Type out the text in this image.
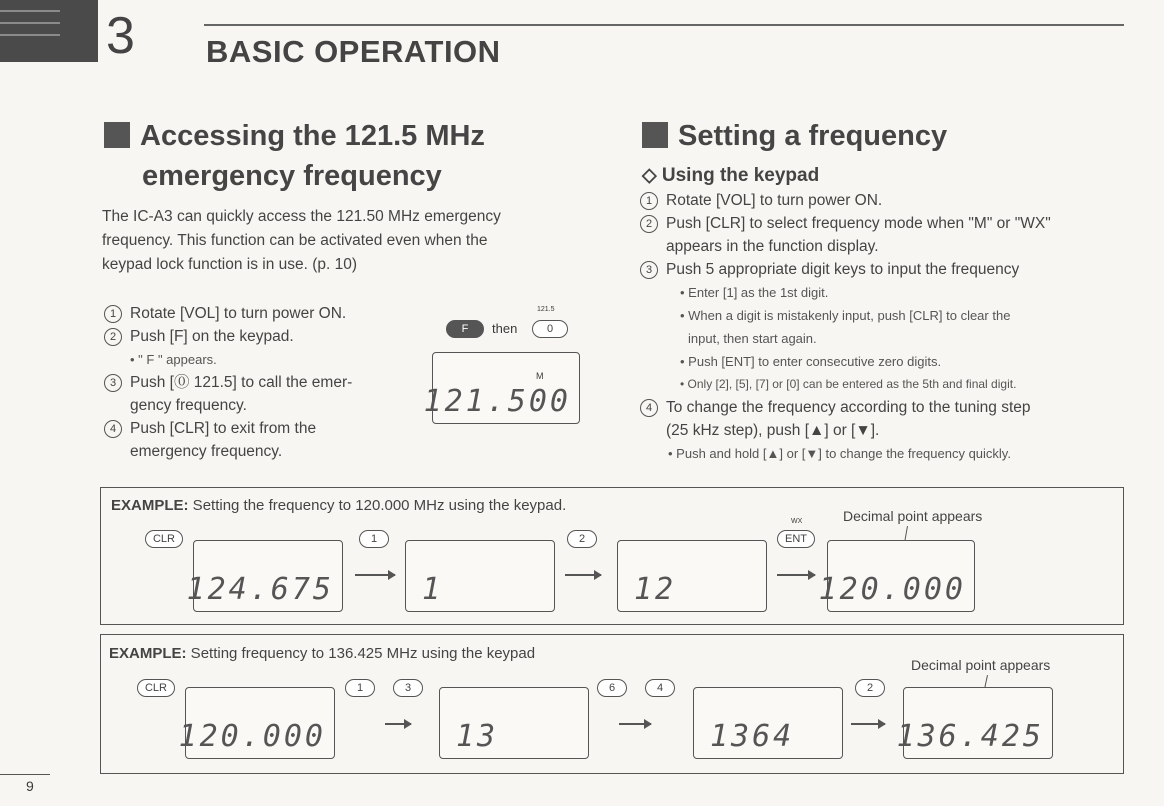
3 BASIC OPERATION
Accessing the 121.5 MHz
emergency frequency
The IC-A3 can quickly access the 121.50 MHz emergency
frequency. This function can be activated even when the
keypad lock function is in use. (p. 10)
1 Rotate [VOL] to turn power ON.
2 Push [F] on the keypad.
• " F " appears.
3 Push [⓪ 121.5] to call the emer-
gency frequency.
4 Push [CLR] to exit from the
emergency frequency.
F	then
121.5
0
M
121.500
Setting a frequency
◇ Using the keypad
1 Rotate [VOL] to turn power ON.
2 Push [CLR] to select frequency mode when "M" or "WX"
appears in the function display.
3 Push 5 appropriate digit keys to input the frequency
• Enter [1] as the 1st digit.
• When a digit is mistakenly input, push [CLR] to clear the
input, then start again.
• Push [ENT] to enter consecutive zero digits.
• Only [2], [5], [7] or [0] can be entered as the 5th and final digit.
4 To change the frequency according to the tuning step
(25 kHz step), push [▲] or [▼].
• Push and hold [▲] or [▼] to change the frequency quickly.
EXAMPLE: Setting the frequency to 120.000 MHz using the keypad.
Decimal point appears
CLR
124.675
1
1
2
12
WX
ENT
120.000
EXAMPLE: Setting frequency to 136.425 MHz using the keypad
Decimal point appears
CLR
120.000
1	3
13
6	4
1364
2
136.425
9
